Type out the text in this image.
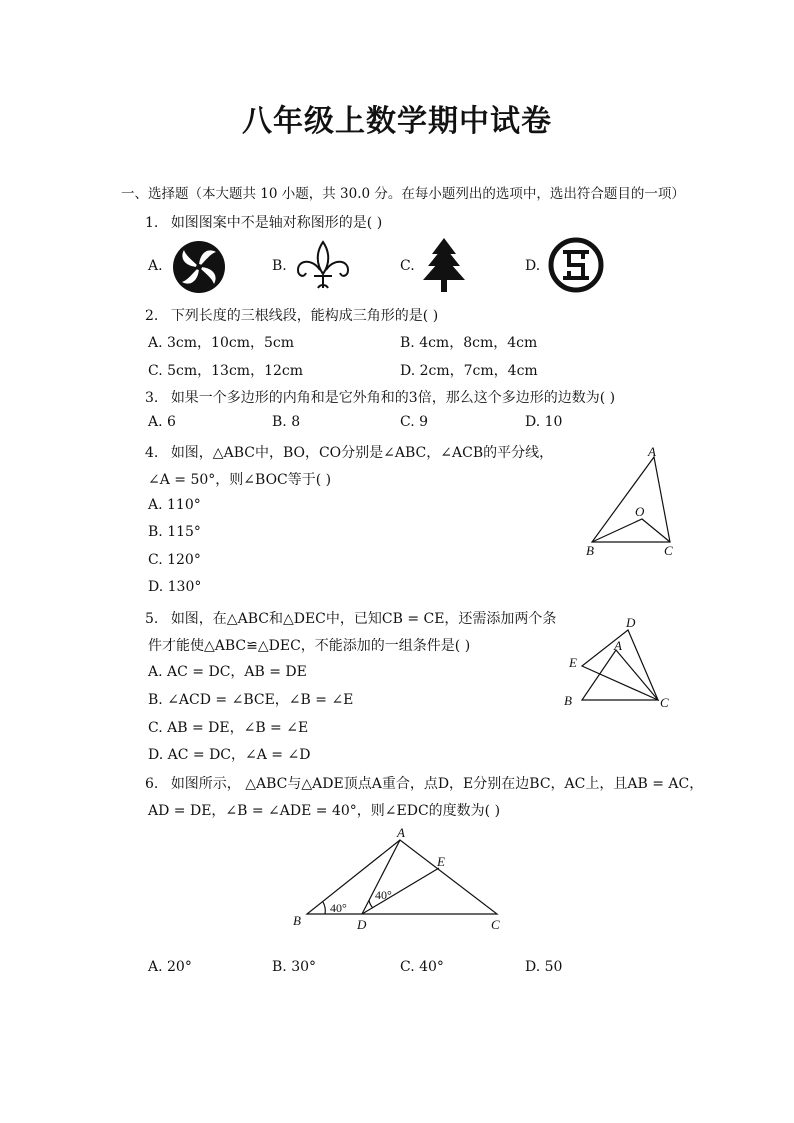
八年级上数学期中试卷
一、选择题（本大题共 10 小题，共 30.0 分。在每小题列出的选项中，选出符合题目的一项）
1. 如图图案中不是轴对称图形的是( )
A.	B.	C.	D.
2. 下列长度的三根线段，能构成三角形的是( )
A. 3cm，10cm，5cm	B. 4cm，8cm，4cm
C. 5cm，13cm，12cm	D. 2cm，7cm，4cm
3. 如果一个多边形的内角和是它外角和的3倍，那么这个多边形的边数为( )
A. 6	B. 8	C. 9	D. 10
4. 如图，△ABC中，BO，CO分别是∠ABC，∠ACB的平分线，
∠A = 50°，则∠BOC等于( )
A. 110°
B. 115°
C. 120°
D. 130°
A
O
B	C
5. 如图，在△ABC和△DEC中，已知CB = CE，还需添加两个条
件才能使△ABC≌△DEC，不能添加的一组条件是( )
A. AC = DC，AB = DE
B. ∠ACD = ∠BCE，∠B = ∠E
C. AB = DE，∠B = ∠E
D. AC = DC，∠A = ∠D
D
A
E
B	C
6. 如图所示， △ABC与△ADE顶点A重合，点D，E分别在边BC，AC上，且AB = AC，
AD = DE，∠B = ∠ADE = 40°，则∠EDC的度数为( )
A
E
40°
40°
B	D	C
A. 20°	B. 30°	C. 40°	D. 50
